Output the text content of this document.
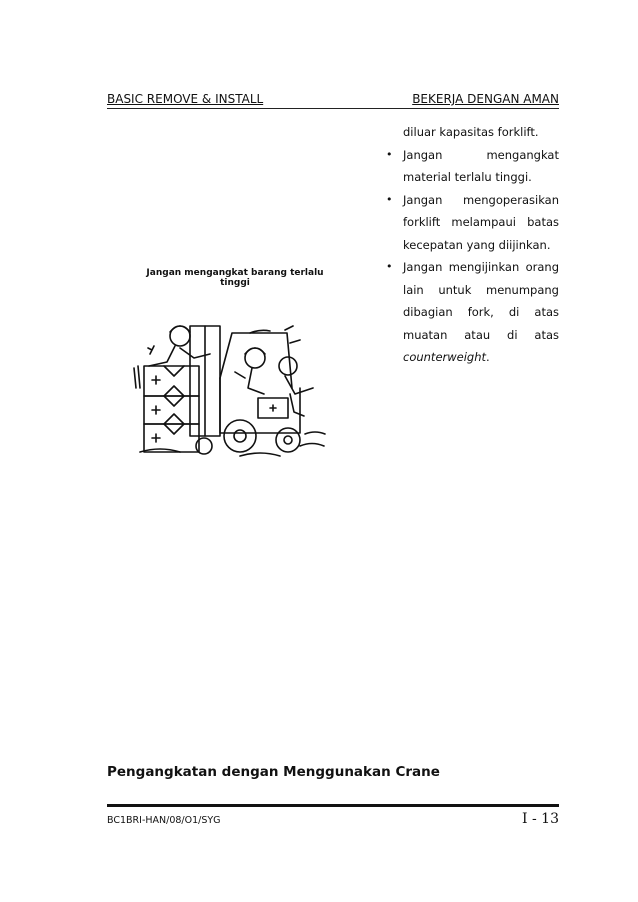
BASIC REMOVE & INSTALL	BEKERJA DENGAN AMAN

diluar kapasitas forklift.

• Jangan mengangkat
material terlalu tinggi.
• Jangan mengoperasikan
forklift melampaui batas
kecepatan yang diijinkan.
• Jangan mengijinkan orang
lain untuk menumpang
dibagian fork, di atas
muatan atau di atas
counterweight.
Jangan mengangkat barang terlalu tinggi
Pengangkatan dengan Menggunakan Crane
BC1BRI-HAN/08/O1/SYG	I - 13
